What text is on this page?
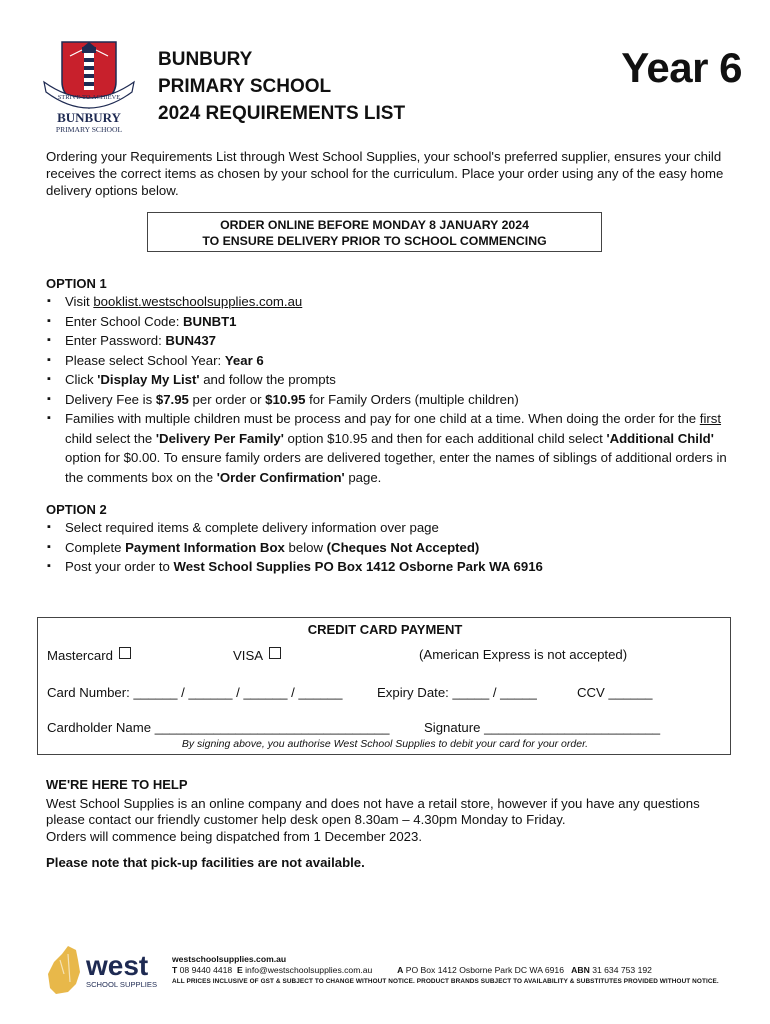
STRIVE TO ACHIEVE
BUNBURY
PRIMARY SCHOOL
BUNBURY
PRIMARY SCHOOL
2024 REQUIREMENTS LIST
Year 6

Ordering your Requirements List through West School Supplies, your school's preferred supplier, ensures your child receives the correct items as chosen by your school for the curriculum. Place your order using any of the easy home delivery options below.

ORDER ONLINE BEFORE MONDAY 8 JANUARY 2024
TO ENSURE DELIVERY PRIOR TO SCHOOL COMMENCING
OPTION 1
▪ Visit booklist.westschoolsupplies.com.au
▪ Enter School Code: BUNBT1
▪ Enter Password: BUN437
▪ Please select School Year: Year 6
▪ Click 'Display My List' and follow the prompts
▪ Delivery Fee is $7.95 per order or $10.95 for Family Orders (multiple children)
▪ Families with multiple children must be process and pay for one child at a time. When doing the order for the first child select the 'Delivery Per Family' option $10.95 and then for each additional child select 'Additional Child' option for $0.00. To ensure family orders are delivered together, enter the names of siblings of additional orders in the comments box on the 'Order Confirmation' page.
OPTION 2
▪ Select required items & complete delivery information over page
▪ Complete Payment Information Box below (Cheques Not Accepted)
▪ Post your order to West School Supplies PO Box 1412 Osborne Park WA 6916
CREDIT CARD PAYMENT
Mastercard	VISA	(American Express is not accepted)
Card Number: ______ / ______ / ______ / ______	Expiry Date: _____ / _____	CCV ______
Cardholder Name ________________________________	Signature ________________________
By signing above, you authorise West School Supplies to debit your card for your order.
WE'RE HERE TO HELP

West School Supplies is an online company and does not have a retail store, however if you have any questions please contact our friendly customer help desk open 8.30am – 4.30pm Monday to Friday.

Orders will commence being dispatched from 1 December 2023.

Please note that pick-up facilities are not available.

west
SCHOOL SUPPLIES
westschoolsupplies.com.au
T 08 9440 4418 E info@westschoolsupplies.com.au	A PO Box 1412 Osborne Park DC WA 6916 ABN 31 634 753 192
ALL PRICES INCLUSIVE OF GST & SUBJECT TO CHANGE WITHOUT NOTICE. PRODUCT BRANDS SUBJECT TO AVAILABILITY & SUBSTITUTES PROVIDED WITHOUT NOTICE.
